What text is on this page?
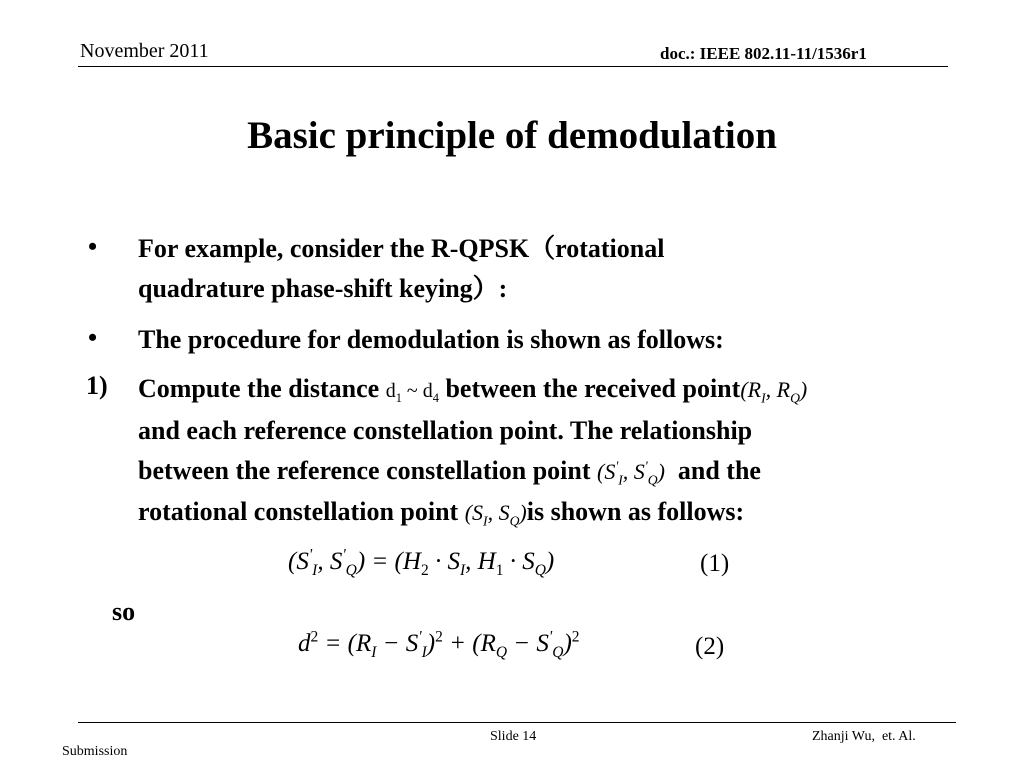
November 2011	doc.: IEEE 802.11-11/1536r1
Basic principle of demodulation
• For example, consider the R-QPSK（rotational
quadrature phase-shift keying）:
• The procedure for demodulation is shown as follows:
1) Compute the distance $d_1$ ~ $d_4$ between the received $point(R_I$, $R_Q$)
and each reference constellation point. The relationship
between the reference constellation point ($S'_I$, $S'_Q$) and the
rotational constellation point ($S_I$, $S_Q)is$ shown as follows:
($S'_I$, $S'_Q) = (H_2 \cdot S_I$, $H_1 \cdot S_Q$)	(1)
so
$d^2 = (R_I - S'_I)^2 + (R_Q - S'_Q)^2$	(2)
Slide 14	Zhanji Wu,  et. Al.
Submission
